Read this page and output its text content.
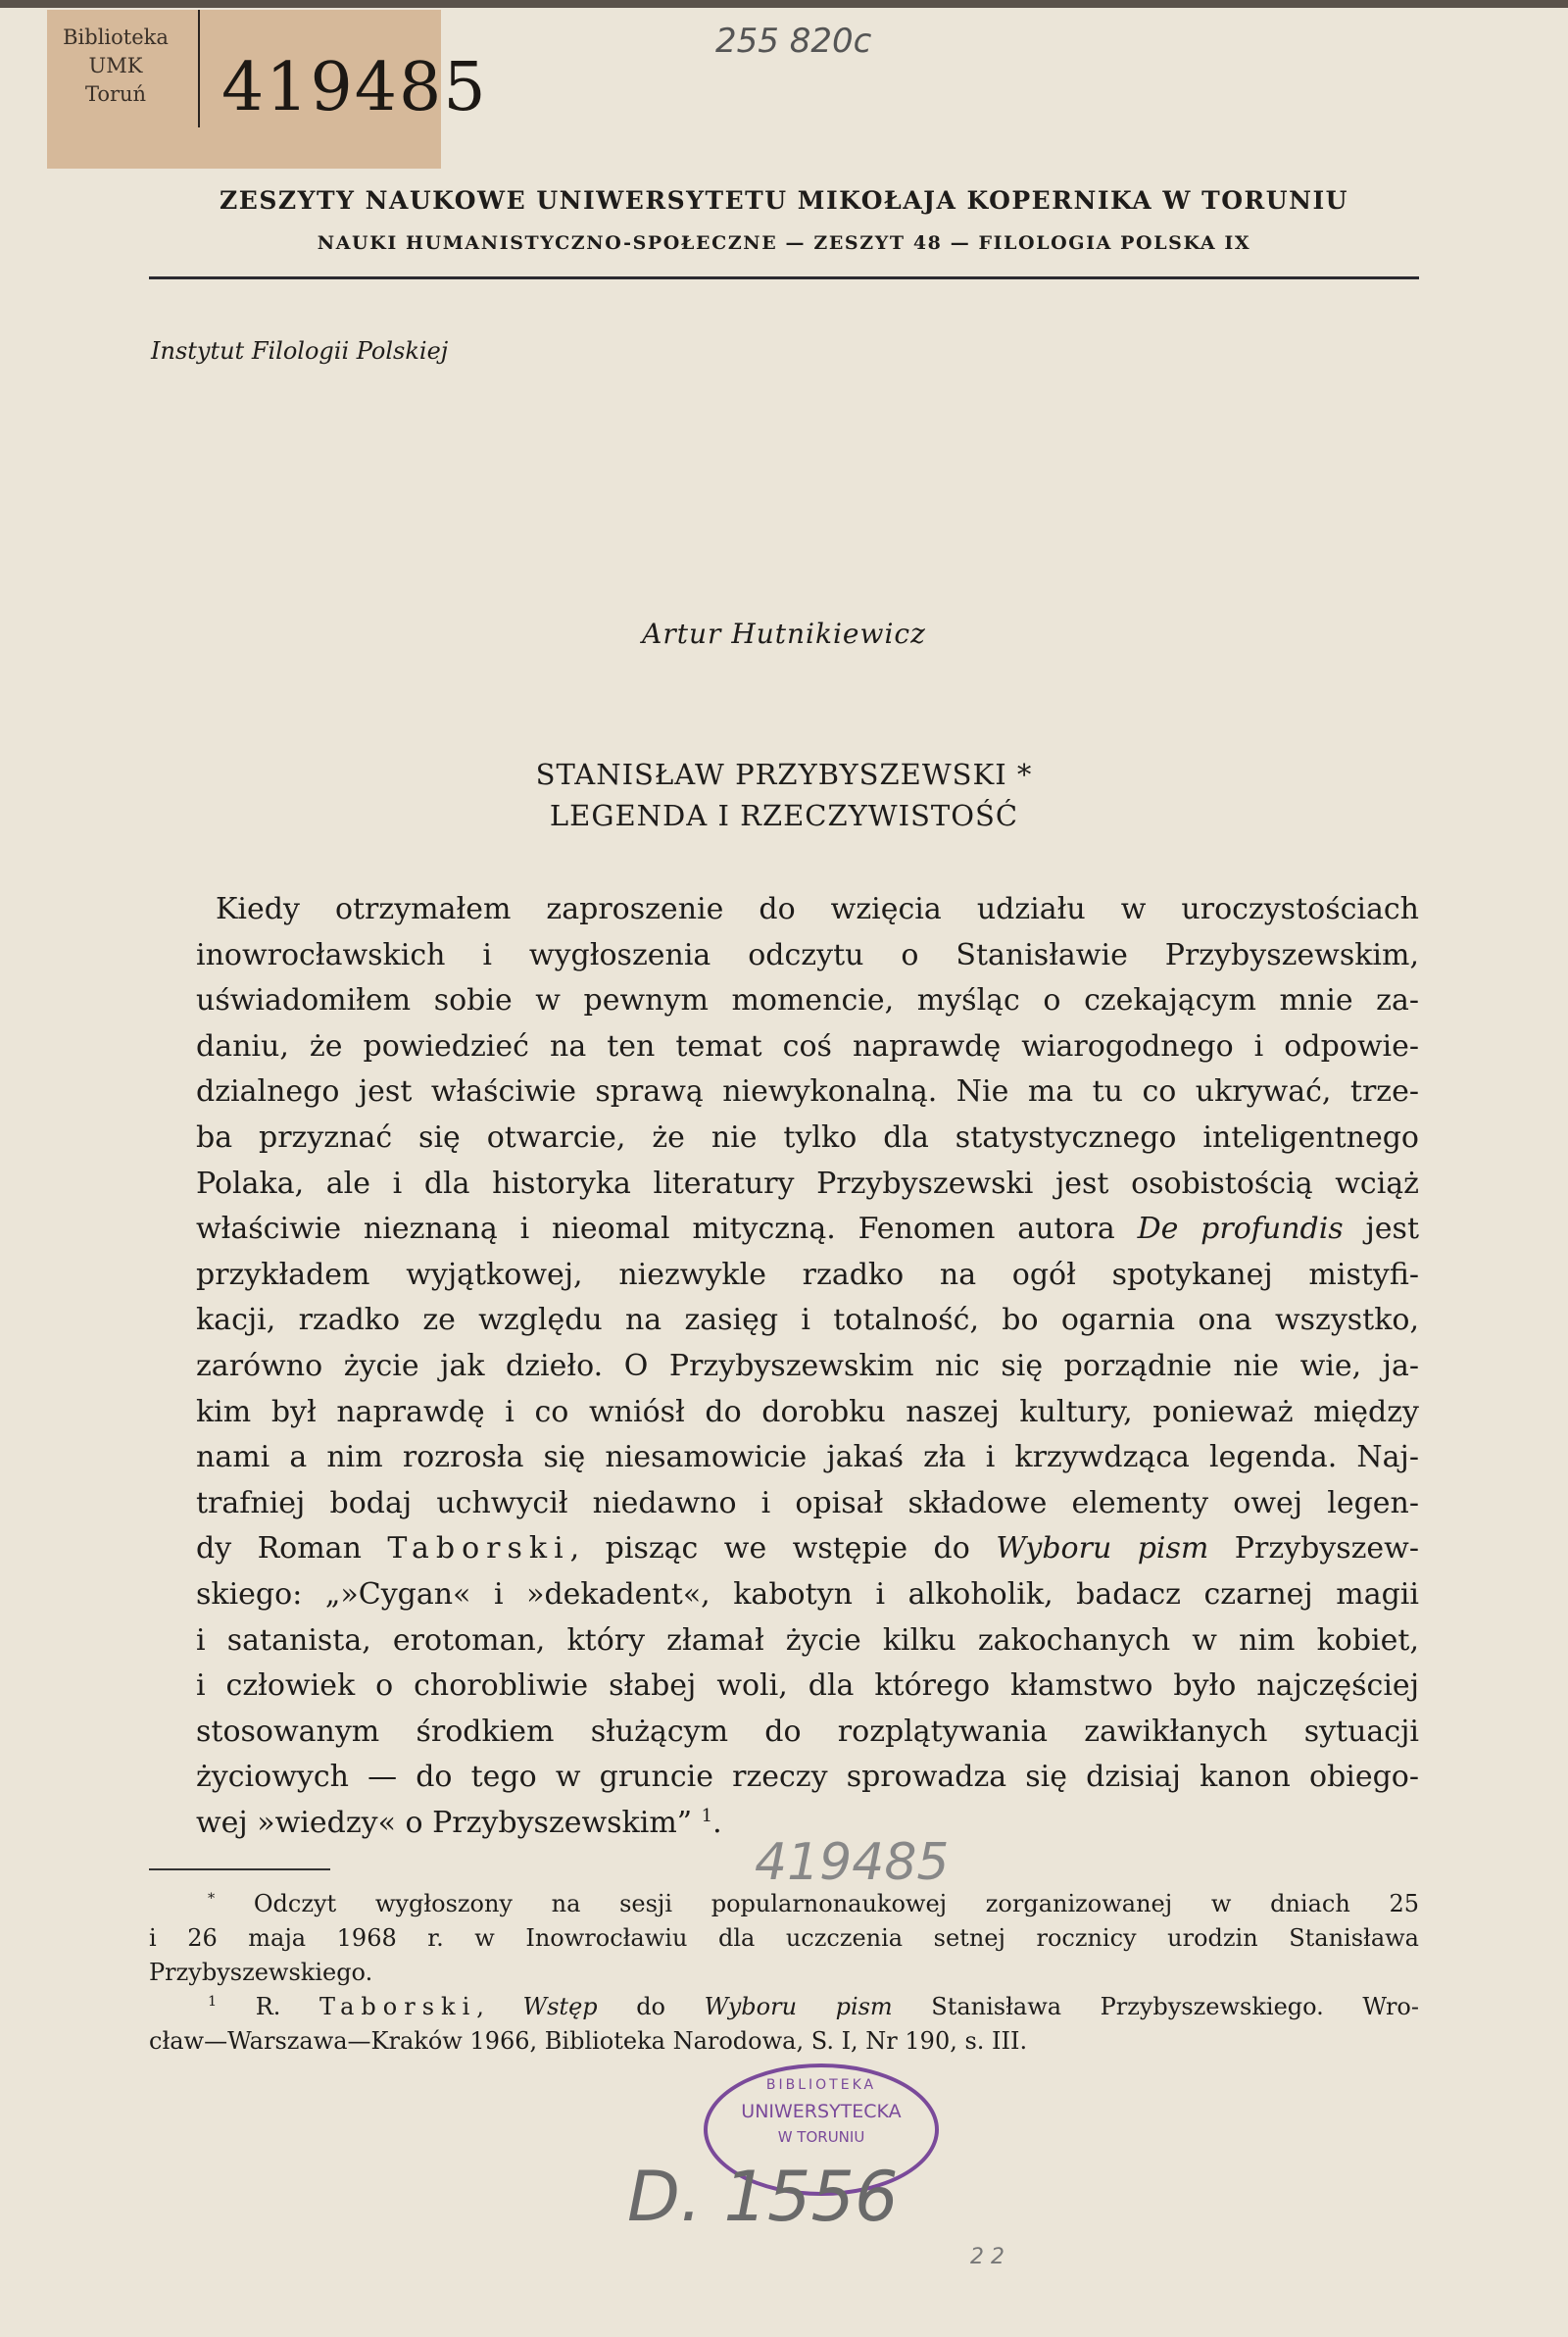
Biblioteka
UMK
Toruń	419485
255 820c
ZESZYTY NAUKOWE UNIWERSYTETU MIKOŁAJA KOPERNIKA W TORUNIU
NAUKI HUMANISTYCZNO-SPOŁECZNE — ZESZYT 48 — FILOLOGIA POLSKA IX
Instytut Filologii Polskiej
Artur Hutnikiewicz
STANISŁAW PRZYBYSZEWSKI *
LEGENDA I RZECZYWISTOŚĆ
Kiedy otrzymałem zaproszenie do wzięcia udziału w uroczystościach
inowrocławskich i wygłoszenia odczytu o Stanisławie Przybyszewskim,
uświadomiłem sobie w pewnym momencie, myśląc o czekającym mnie za-
daniu, że powiedzieć na ten temat coś naprawdę wiarogodnego i odpowie-
dzialnego jest właściwie sprawą niewykonalną. Nie ma tu co ukrywać, trze-
ba przyznać się otwarcie, że nie tylko dla statystycznego inteligentnego
Polaka, ale i dla historyka literatury Przybyszewski jest osobistością wciąż
właściwie nieznaną i nieomal mityczną. Fenomen autora De profundis jest
przykładem wyjątkowej, niezwykle rzadko na ogół spotykanej mistyfi-
kacji, rzadko ze względu na zasięg i totalność, bo ogarnia ona wszystko,
zarówno życie jak dzieło. O Przybyszewskim nic się porządnie nie wie, ja-
kim był naprawdę i co wniósł do dorobku naszej kultury, ponieważ między
nami a nim rozrosła się niesamowicie jakaś zła i krzywdząca legenda. Naj-
trafniej bodaj uchwycił niedawno i opisał składowe elementy owej legen-
dy Roman Taborski, pisząc we wstępie do Wyboru pism Przybyszew-
skiego: „»Cygan« i »dekadent«, kabotyn i alkoholik, badacz czarnej magii
i satanista, erotoman, który złamał życie kilku zakochanych w nim kobiet,
i człowiek o chorobliwie słabej woli, dla którego kłamstwo było najczęściej
stosowanym środkiem służącym do rozplątywania zawikłanych sytuacji
życiowych — do tego w gruncie rzeczy sprowadza się dzisiaj kanon obiego-
wej »wiedzy« o Przybyszewskim” $^1$.
419485
* Odczyt wygłoszony na sesji popularnonaukowej zorganizowanej w dniach 25
i 26 maja 1968 r. w Inowrocławiu dla uczczenia setnej rocznicy urodzin Stanisława
Przybyszewskiego.
$^1$ R. Taborski, Wstęp do Wyboru pism Stanisława Przybyszewskiego. Wro-
cław—Warszawa—Kraków 1966, Biblioteka Narodowa, S. I, Nr 190, s. III.
BIBLIOTEKA
UNIWERSYTECKA
W TORUNIU
D. 1556
2 2
